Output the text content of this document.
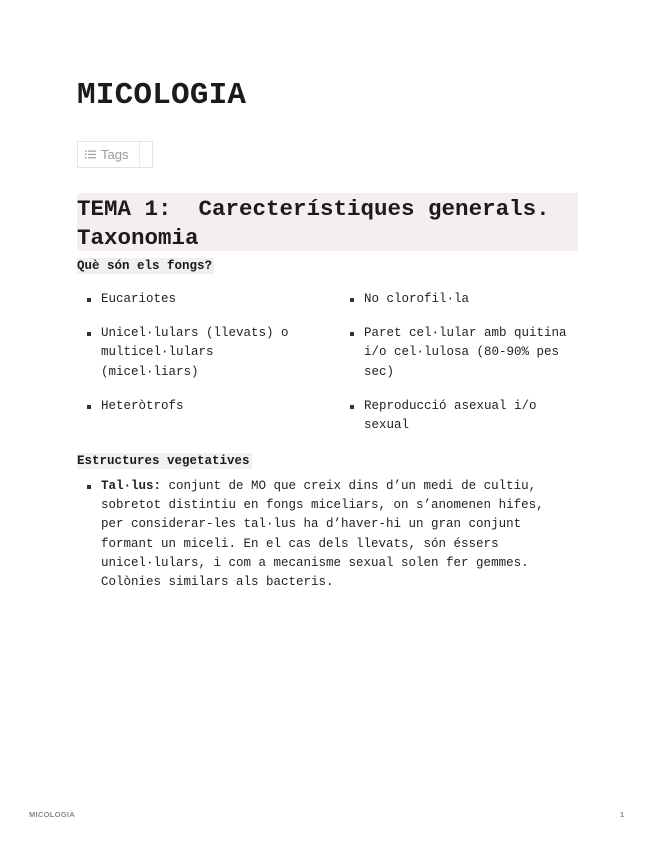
MICOLOGIA
Tags
TEMA 1:  Carecterístiques generals. Taxonomia
Què són els fongs?
Eucariotes
Unicel·lulars (llevats) o multicel·lulars (micel·liars)
Heteròtrofs
No clorofil·la
Paret cel·lular amb quitina i/o cel·lulosa (80-90% pes sec)
Reproducció asexual i/o sexual
Estructures vegetatives
Tal·lus: conjunt de MO que creix dins d’un medi de cultiu, sobretot distintiu en fongs miceliars, on s’anomenen hifes, per considerar-les tal·lus ha d’haver-hi un gran conjunt formant un miceli. En el cas dels llevats, són éssers unicel·lulars, i com a mecanisme sexual solen fer gemmes. Colònies similars als bacteris.
MICOLOGIA	1
